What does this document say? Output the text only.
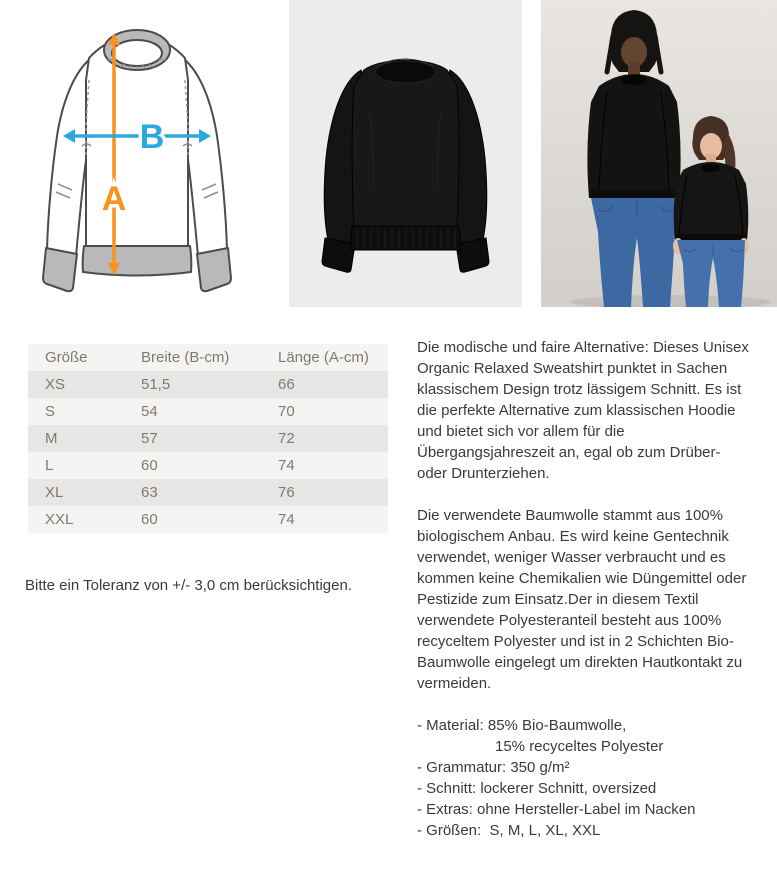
B
A
Größe	Breite (B-cm)	Länge (A-cm)
XS	51,5	66
S	54	70
M	57	72
L	60	74
XL	63	76
XXL	60	74

Bitte ein Toleranz von +/- 3,0 cm berücksichtigen.

Die modische und faire Alternative: Dieses Unisex Organic Relaxed Sweatshirt punktet in Sachen klassischem Design trotz lässigem Schnitt. Es ist die perfekte Alternative zum klassischen Hoodie und bietet sich vor allem für die Übergangsjahreszeit an, egal ob zum Drüber- oder Drunterziehen.

Die verwendete Baumwolle stammt aus 100% biologischem Anbau. Es wird keine Gentechnik verwendet, weniger Wasser verbraucht und es kommen keine Chemikalien wie Düngemittel oder Pestizide zum Einsatz.Der in diesem Textil verwendete Polyesteranteil besteht aus 100% recyceltem Polyester und ist in 2 Schichten Bio-Baumwolle eingelegt um direkten Hautkontakt zu vermeiden.

- Material: 85% Bio-Baumwolle,
15% recyceltes Polyester
- Grammatur: 350 g/m²
- Schnitt: lockerer Schnitt, oversized
- Extras: ohne Hersteller-Label im Nacken
- Größen:  S, M, L, XL, XXL
